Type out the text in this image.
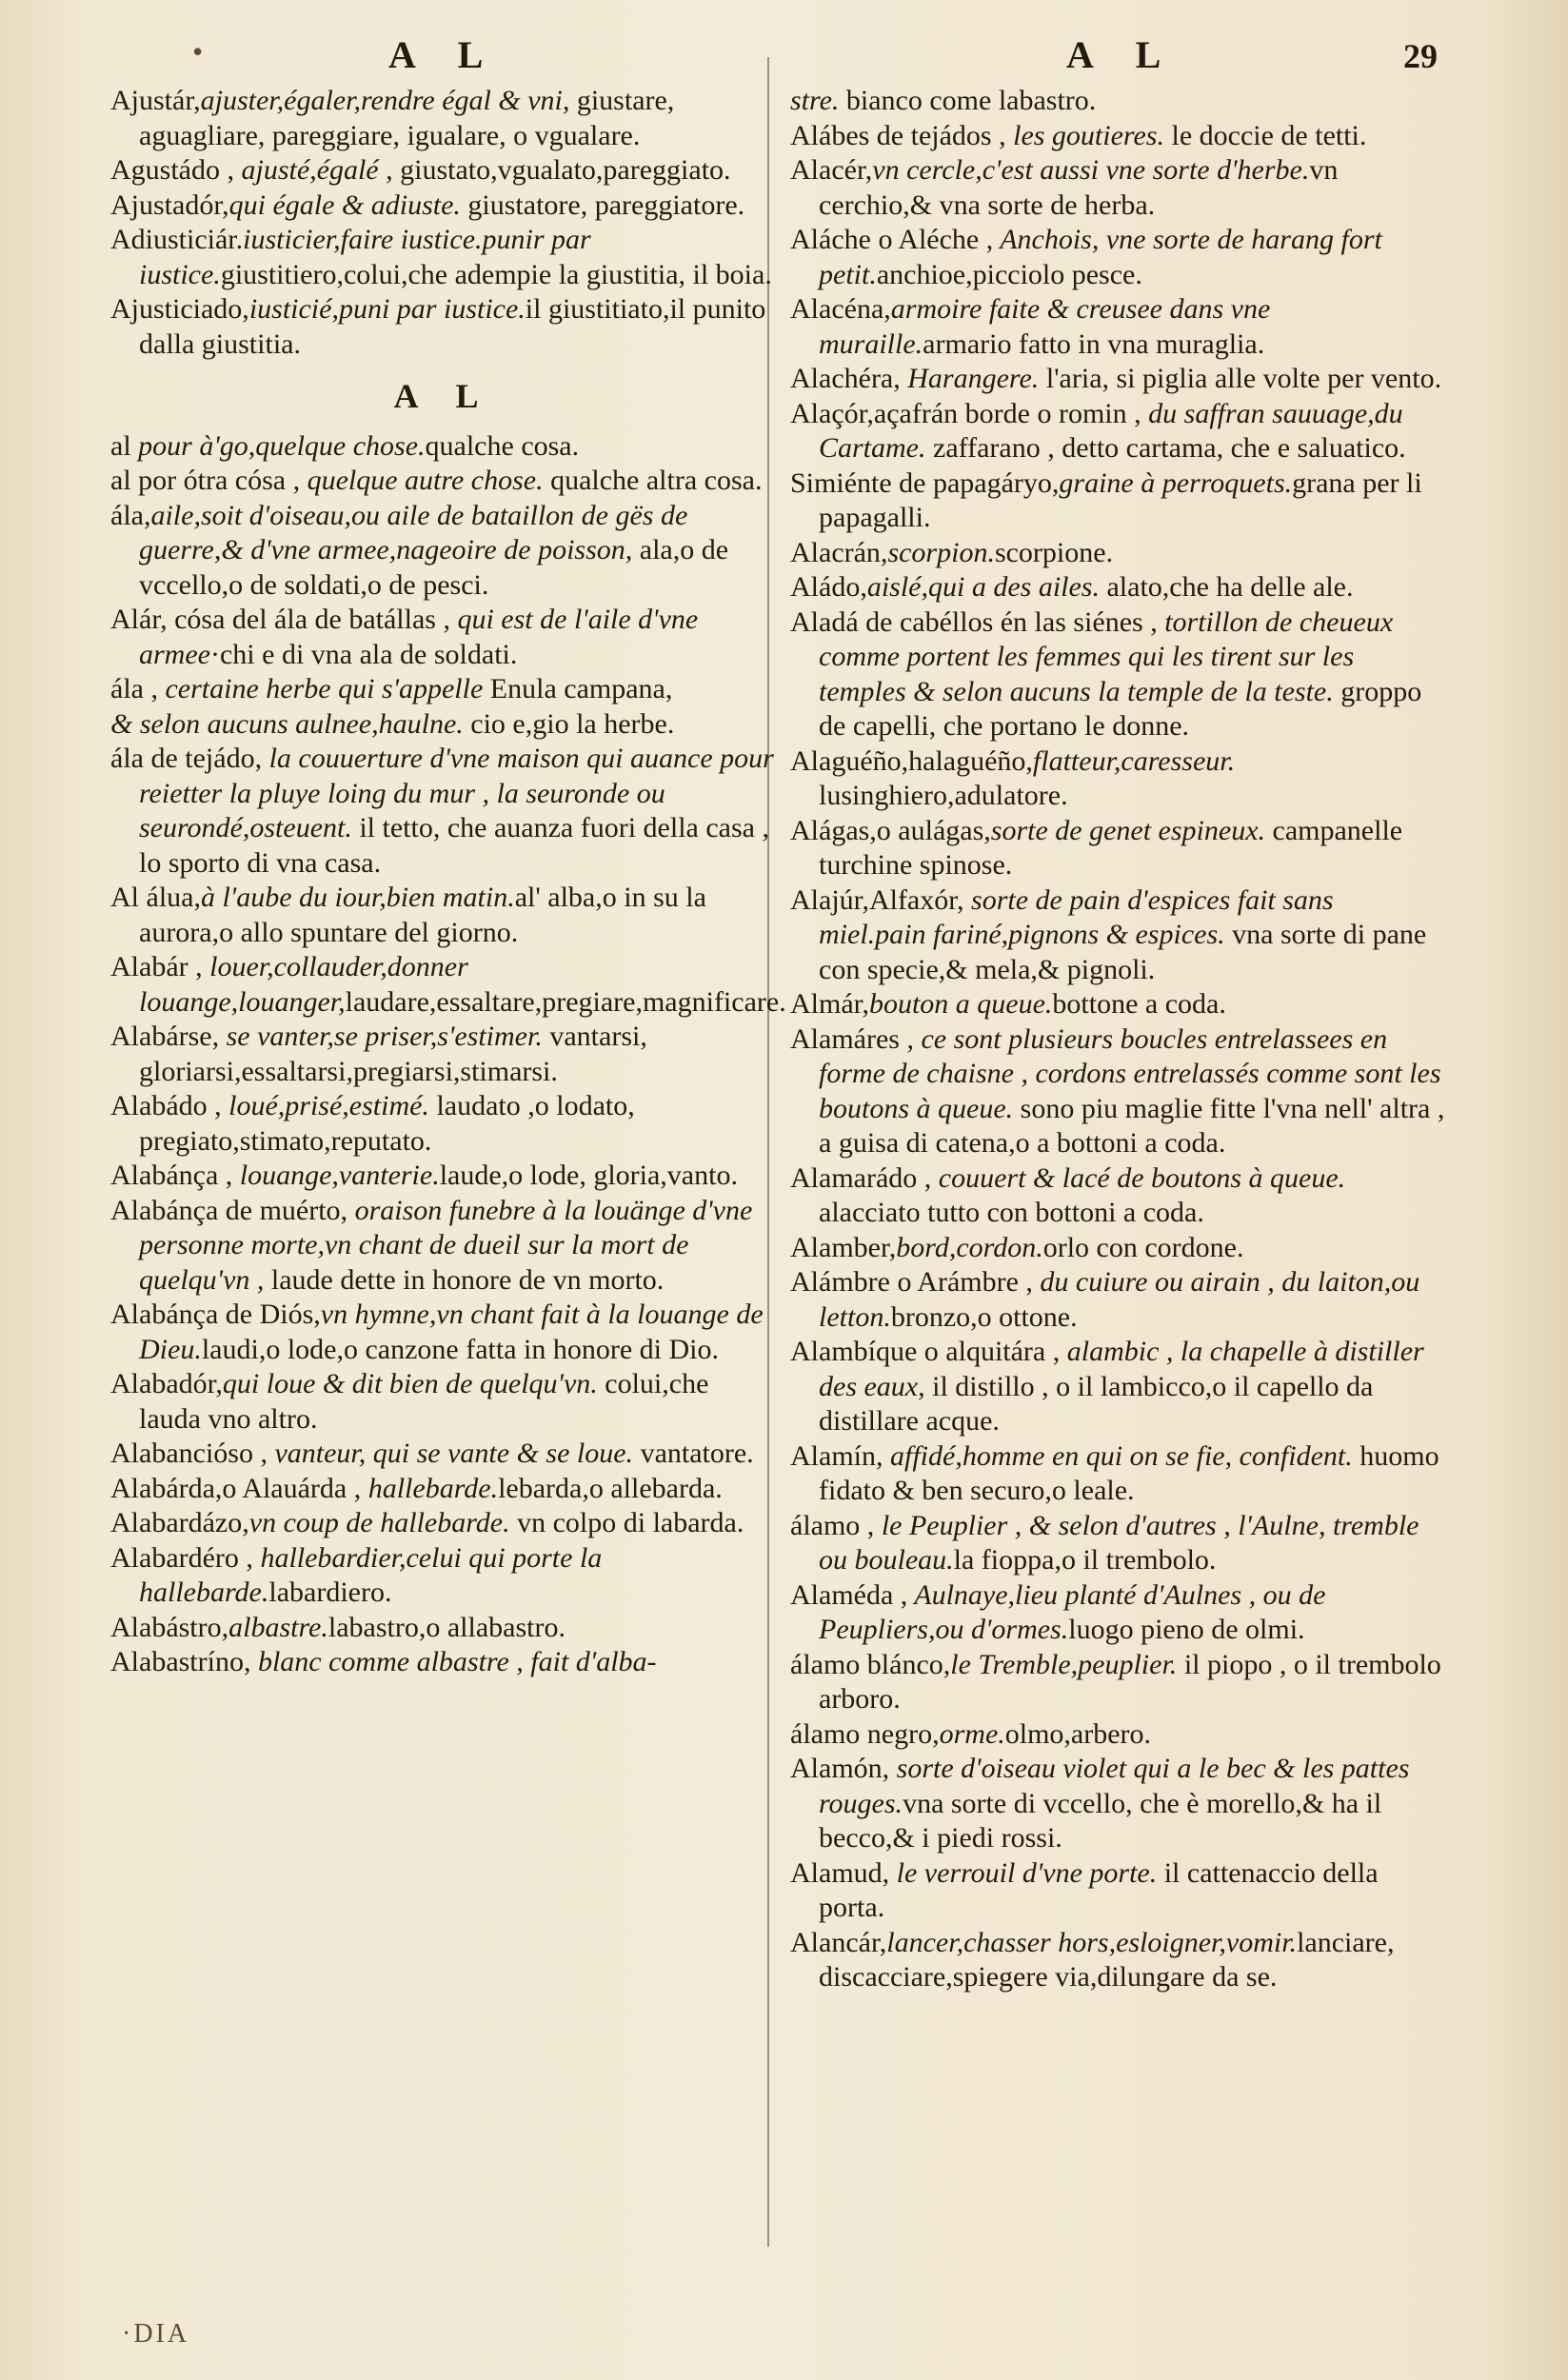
•	A L	A L	29

Ajustár,ajuster,égaler,rendre égal & vni, giustare, aguagliare, pareggiare, igualare, o vgualare.

Agustádo , ajusté,égalé , giustato,vgualato,pareggiato.

Ajustadór,qui égale & adiuste. giustatore, pareggiatore.

Adiusticiár.iusticier,faire iustice.punir par iustice.giustitiero,colui,che adempie la giustitia, il boia.

Ajusticiado,iusticié,puni par iustice.il giustitiato,il punito dalla giustitia.

A L

al pour à'go,quelque chose.qualche cosa.

al por ótra cósa , quelque autre chose. qualche altra cosa.

ála,aile,soit d'oiseau,ou aile de bataillon de gës de guerre,& d'vne armee,nageoire de poisson, ala,o de vccello,o de soldati,o de pesci.

Alár, cósa del ála de batállas , qui est de l'aile d'vne armee·chi e di vna ala de soldati.

ála , certaine herbe qui s'appelle Enula campana,

& selon aucuns aulnee,haulne. cio e,gio la herbe.

ála de tejádo, la couuerture d'vne maison qui auance pour reietter la pluye loing du mur , la seuronde ou seurondé,osteuent. il tetto, che auanza fuori della casa , lo sporto di vna casa.

Al álua,à l'aube du iour,bien matin.al' alba,o in su la aurora,o allo spuntare del giorno.

Alabár , louer,collauder,donner louange,louanger,laudare,essaltare,pregiare,magnificare.

Alabárse, se vanter,se priser,s'estimer. vantarsi, gloriarsi,essaltarsi,pregiarsi,stimarsi.

Alabádo , loué,prisé,estimé. laudato ,o lodato, pregiato,stimato,reputato.

Alabánça , louange,vanterie.laude,o lode, gloria,vanto.

Alabánça de muérto, oraison funebre à la louänge d'vne personne morte,vn chant de dueil sur la mort de quelqu'vn , laude dette in honore de vn morto.

Alabánça de Diós,vn hymne,vn chant fait à la louange de Dieu.laudi,o lode,o canzone fatta in honore di Dio.

Alabadór,qui loue & dit bien de quelqu'vn. colui,che lauda vno altro.

Alabancióso , vanteur, qui se vante & se loue. vantatore.

Alabárda,o Alauárda , hallebarde.lebarda,o allebarda.

Alabardázo,vn coup de hallebarde. vn colpo di labarda.

Alabardéro , hallebardier,celui qui porte la hallebarde.labardiero.

Alabástro,albastre.labastro,o allabastro.

Alabastríno, blanc comme albastre , fait d'alba-

stre. bianco come labastro.

Alábes de tejádos , les goutieres. le doccie de tetti.

Alacér,vn cercle,c'est aussi vne sorte d'herbe.vn cerchio,& vna sorte de herba.

Aláche o Aléche , Anchois, vne sorte de harang fort petit.anchioe,picciolo pesce.

Alacéna,armoire faite & creusee dans vne muraille.armario fatto in vna muraglia.

Alachéra, Harangere. l'aria, si piglia alle volte per vento.

Alaçór,açafrán borde o romin , du saffran sauuage,du Cartame. zaffarano , detto cartama, che e saluatico.

Simiénte de papagáryo,graine à perroquets.grana per li papagalli.

Alacrán,scorpion.scorpione.

Aládo,aislé,qui a des ailes. alato,che ha delle ale.

Aladá de cabéllos én las siénes , tortillon de cheueux comme portent les femmes qui les tirent sur les temples & selon aucuns la temple de la teste. groppo de capelli, che portano le donne.

Alaguéño,halaguéño,flatteur,caresseur. lusinghiero,adulatore.

Alágas,o aulágas,sorte de genet espineux. campanelle turchine spinose.

Alajúr,Alfaxór, sorte de pain d'espices fait sans miel.pain fariné,pignons & espices. vna sorte di pane con specie,& mela,& pignoli.

Almár,bouton a queue.bottone a coda.

Alamáres , ce sont plusieurs boucles entrelassees en forme de chaisne , cordons entrelassés comme sont les boutons à queue. sono piu maglie fitte l'vna nell' altra , a guisa di catena,o a bottoni a coda.

Alamarádo , couuert & lacé de boutons à queue. alacciato tutto con bottoni a coda.

Alamber,bord,cordon.orlo con cordone.

Alámbre o Arámbre , du cuiure ou airain , du laiton,ou letton.bronzo,o ottone.

Alambíque o alquitára , alambic , la chapelle à distiller des eaux, il distillo , o il lambicco,o il capello da distillare acque.

Alamín, affidé,homme en qui on se fie, confident. huomo fidato & ben securo,o leale.

álamo , le Peuplier , & selon d'autres , l'Aulne, tremble ou bouleau.la fioppa,o il trembolo.

Alaméda , Aulnaye,lieu planté d'Aulnes , ou de Peupliers,ou d'ormes.luogo pieno de olmi.

álamo blánco,le Tremble,peuplier. il piopo , o il trembolo arboro.

álamo negro,orme.olmo,arbero.

Alamón, sorte d'oiseau violet qui a le bec & les pattes rouges.vna sorte di vccello, che è morello,& ha il becco,& i piedi rossi.

Alamud, le verrouil d'vne porte. il cattenaccio della porta.

Alancár,lancer,chasser hors,esloigner,vomir.lanciare, discacciare,spiegere via,dilungare da se.

·DIA
